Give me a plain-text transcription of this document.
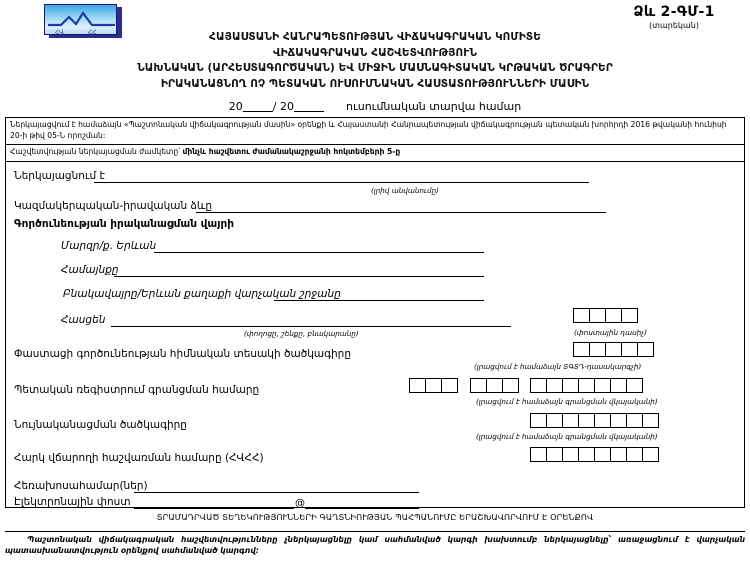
ՀՎ	ՀՀ
Ձև 2-ԳՄ-1
(տարեկան)
ՀԱՅԱՍՏԱՆԻ ՀԱՆՐԱՊԵՏՈՒԹՅԱՆ ՎԻՃԱԿԱԳՐԱԿԱՆ ԿՈՄԻՏԵ
ՎԻՃԱԿԱԳՐԱԿԱՆ ՀԱՇՎԵՏՎՈՒԹՅՈՒՆ
ՆԱԽՆԱԿԱՆ (ԱՐՀԵՍՏԱԳՈՐԾԱԿԱՆ) ԵՎ ՄԻՋԻՆ ՄԱՍՆԱԳԻՏԱԿԱՆ ԿՐԹԱԿԱՆ ԾՐԱԳՐԵՐ
ԻՐԱԿԱՆԱՑՆՈՂ ՈՉ ՊԵՏԱԿԱՆ ՈՒՍՈՒՄՆԱԿԱՆ ՀԱՍՏԱՏՈՒԹՅՈՒՆՆԵՐԻ ՄԱՍԻՆ
20	/ 20	ուսումնական տարվա համար
Ներկայացվում է համաձայն «Պաշտոնական վիճակագրության մասին» օրենքի և Հայաստանի Հանրապետության վիճակագրության պետական խորհրդի 2016 թվականի հունիսի 20-ի թիվ 05-Ն որոշման:
Հաշվետվության ներկայացման ժամկետը՝ մինչև հաշվետու ժամանակաշրջանի հոկտեմբերի 5-ը
Ներկայացնում է
(լրիվ անվանումը)
Կազմակերպական-իրավական ձևը
Գործունեության իրականացման վայրի
Մարզր/ք. Երևան
Համայնքը
Բնակավայրը/Երևան քաղաքի վարչական շրջանը
Հասցեն
(փողոցը, շենքը, բնակարանը)	(փոստային դասիչ)
Փաստացի գործունեության հիմնական տեսակի ծածկագիրը
(լրացվում է համաձայն ՏԳՏԴ-դասակարգչի)
Պետական ռեգիստրում գրանցման համարը
(լրացվում է համաձայն գրանցման վկայականի)
Նույնականացման ծածկագիրը
(լրացվում է համաձայն գրանցման վկայականի)
Հարկ վճարողի հաշվառման համարը (ՀՎՀՀ)
Հեռախոսահամար(ներ)
Էլեկտրոնային փոստ	@
ՏՐԱՄԱԴՐՎԱԾ ՏԵՂԵԿՈՒԹՅՈՒՆՆԵՐԻ ԳԱՂՏՆԻՈՒԹՅԱՆ ՊԱՀՊԱՆՈՒՄԸ ԵՐԱՇԽԱՎՈՐՎՈՒՄ Է ՕՐԵՆՔՈՎ
Պաշտոնական վիճակագրական հաշվետվությունները չներկայացնելը կամ սահմանված կարգի խախտումբ ներկայացնելը՝ առաջացնում է վարչական պատասխանատվություն օրենքով սահմանված կարգով:
